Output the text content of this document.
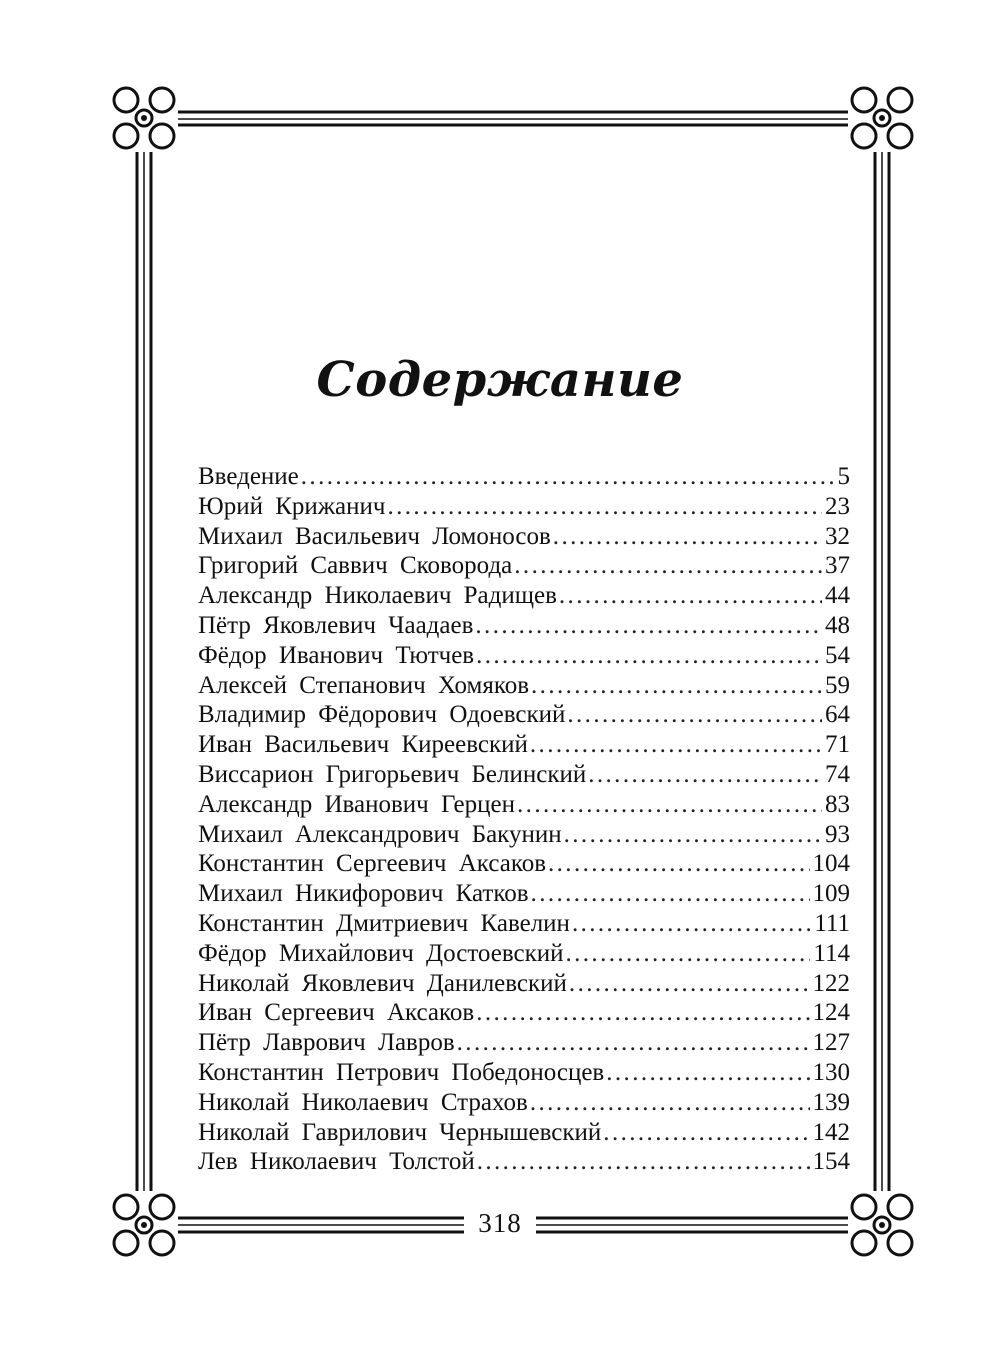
Содержание
Введение .....	5
Юрий Крижанич .....	23
Михаил Васильевич Ломоносов .....	32
Григорий Саввич Сковорода .....	37
Александр Николаевич Радищев .....	44
Пётр Яковлевич Чаадаев .....	48
Фёдор Иванович Тютчев .....	54
Алексей Степанович Хомяков .....	59
Владимир Фёдорович Одоевский .....	64
Иван Васильевич Киреевский .....	71
Виссарион Григорьевич Белинский .....	74
Александр Иванович Герцен .....	83
Михаил Александрович Бакунин .....	93
Константин Сергеевич Аксаков .....	104
Михаил Никифорович Катков .....	109
Константин Дмитриевич Кавелин .....	111
Фёдор Михайлович Достоевский .....	114
Николай Яковлевич Данилевский .....	122
Иван Сергеевич Аксаков .....	124
Пётр Лаврович Лавров .....	127
Константин Петрович Победоносцев .....	130
Николай Николаевич Страхов .....	139
Николай Гаврилович Чернышевский .....	142
Лев Николаевич Толстой .....	154
318
